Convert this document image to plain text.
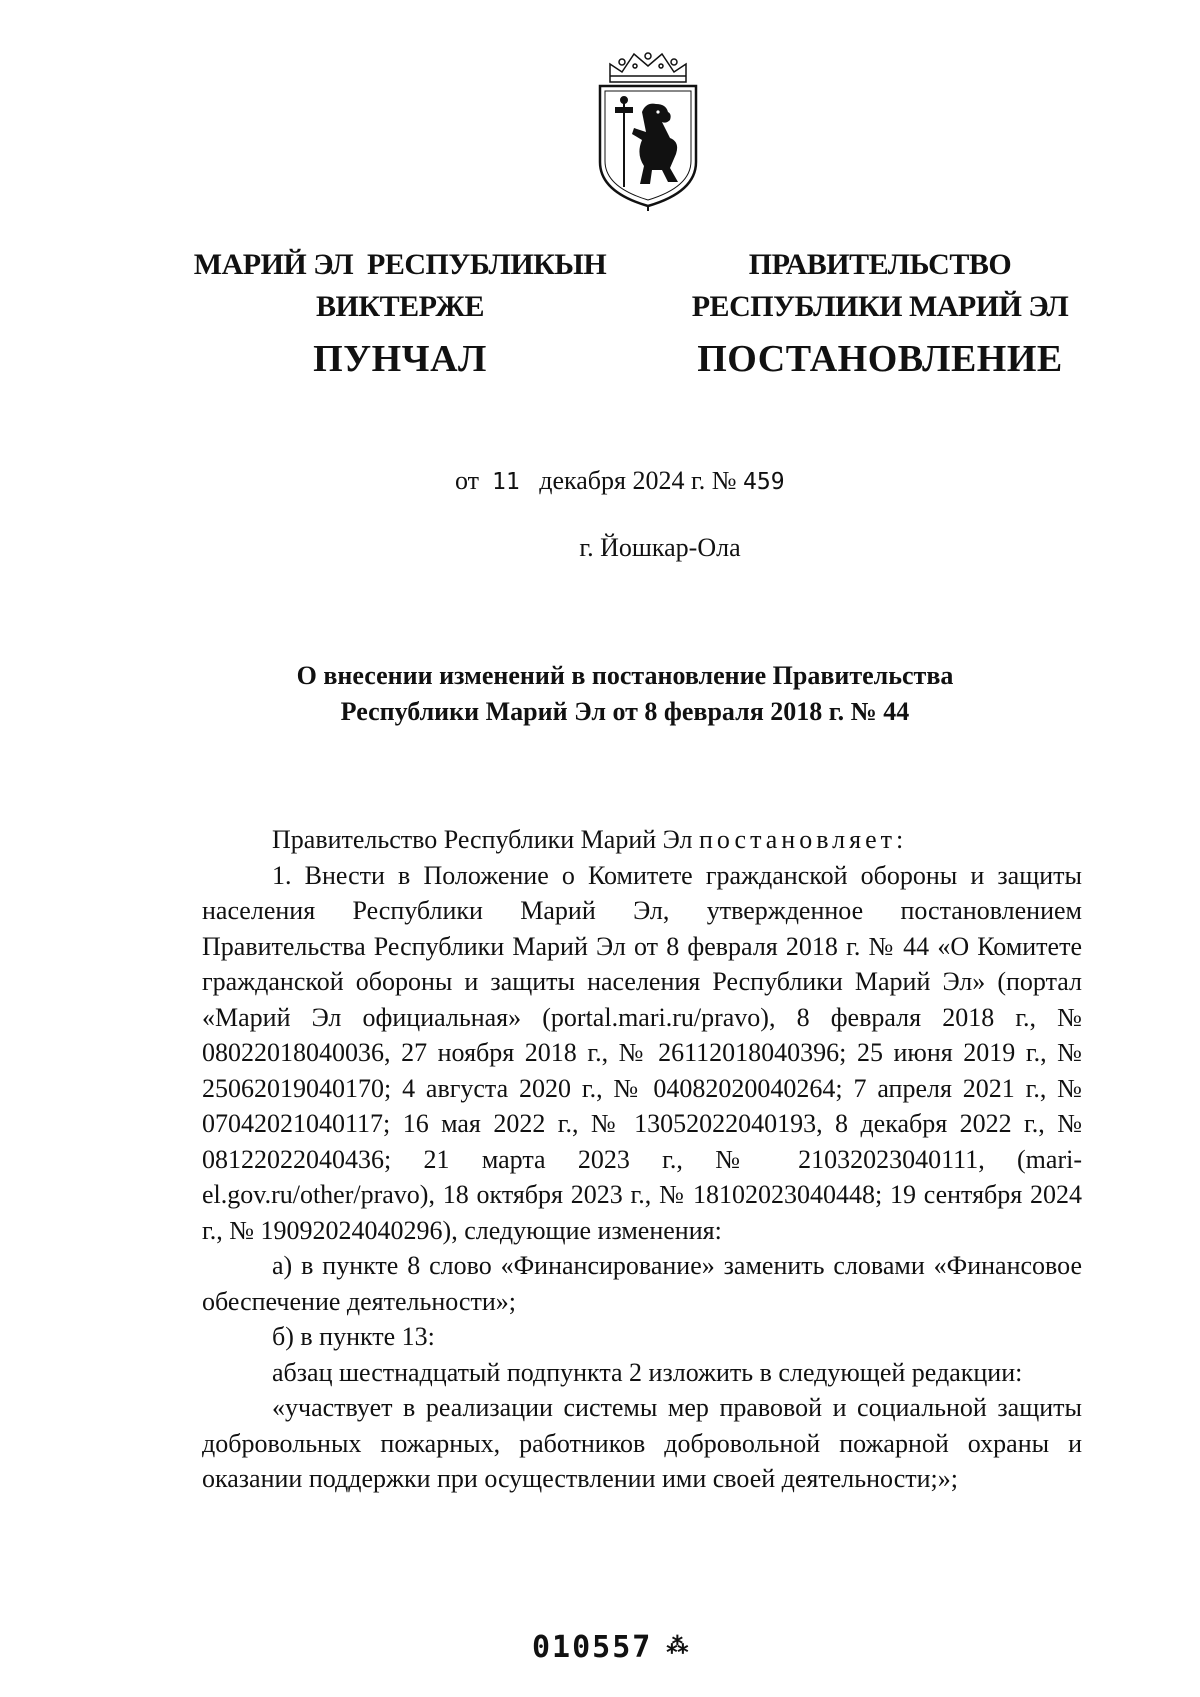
МАРИЙ ЭЛ  РЕСПУБЛИКЫН
ВИКТЕРЖЕ
ПУНЧАЛ
ПРАВИТЕЛЬСТВО
РЕСПУБЛИКИ МАРИЙ ЭЛ
ПОСТАНОВЛЕНИЕ
от 11 декабря 2024 г. № 459
г. Йошкар-Ола
О внесении изменений в постановление Правительства
Республики Марий Эл от 8 февраля 2018 г. № 44

Правительство Республики Марий Эл постановляет:

1. Внести в Положение о Комитете гражданской обороны и защиты населения Республики Марий Эл, утвержденное постановлением Правительства Республики Марий Эл от 8 февраля 2018 г. № 44 «О Комитете гражданской обороны и защиты населения Республики Марий Эл» (портал «Марий Эл официальная» (portal.mari.ru/pravo), 8 февраля 2018 г., № 08022018040036, 27 ноября 2018 г., № 26112018040396; 25 июня 2019 г., № 25062019040170; 4 августа 2020 г., № 04082020040264; 7 апреля 2021 г., № 07042021040117; 16 мая 2022 г., № 13052022040193, 8 декабря 2022 г., № 08122022040436; 21 марта 2023 г., № 21032023040111, (mari-el.gov.ru/other/pravo), 18 октября 2023 г., № 18102023040448; 19 сентября 2024 г., № 19092024040296), следующие изменения:

а) в пункте 8 слово «Финансирование» заменить словами «Финансовое обеспечение деятельности»;

б) в пункте 13:

абзац шестнадцатый подпункта 2 изложить в следующей редакции:

«участвует в реализации системы мер правовой и социальной защиты добровольных пожарных, работников добровольной пожарной охраны и оказании поддержки при осуществлении ими своей деятельности;»;

010557 ⁂
